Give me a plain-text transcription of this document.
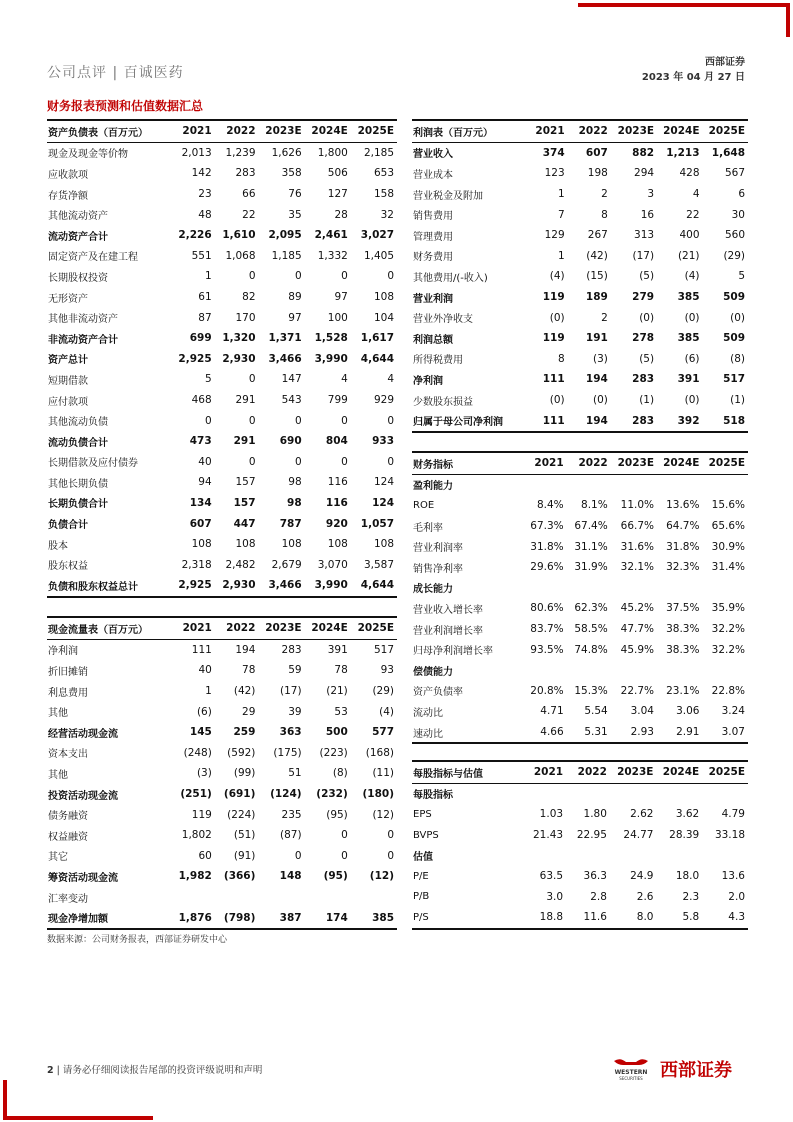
公司点评 | 百诚医药
西部证券
2023 年 04 月 27 日
财务报表预测和估值数据汇总
资产负债表（百万元）	2021	2022	2023E	2024E	2025E
现金及现金等价物	2,013	1,239	1,626	1,800	2,185
应收款项	142	283	358	506	653
存货净额	23	66	76	127	158
其他流动资产	48	22	35	28	32
流动资产合计	2,226	1,610	2,095	2,461	3,027
固定资产及在建工程	551	1,068	1,185	1,332	1,405
长期股权投资	1	0	0	0	0
无形资产	61	82	89	97	108
其他非流动资产	87	170	97	100	104
非流动资产合计	699	1,320	1,371	1,528	1,617
资产总计	2,925	2,930	3,466	3,990	4,644
短期借款	5	0	147	4	4
应付款项	468	291	543	799	929
其他流动负债	0	0	0	0	0
流动负债合计	473	291	690	804	933
长期借款及应付债券	40	0	0	0	0
其他长期负债	94	157	98	116	124
长期负债合计	134	157	98	116	124
负债合计	607	447	787	920	1,057
股本	108	108	108	108	108
股东权益	2,318	2,482	2,679	3,070	3,587
负债和股东权益总计	2,925	2,930	3,466	3,990	4,644
现金流量表（百万元）	2021	2022	2023E	2024E	2025E
净利润	111	194	283	391	517
折旧摊销	40	78	59	78	93
利息费用	1	(42)	(17)	(21)	(29)
其他	(6)	29	39	53	(4)
经营活动现金流	145	259	363	500	577
资本支出	(248)	(592)	(175)	(223)	(168)
其他	(3)	(99)	51	(8)	(11)
投资活动现金流	(251)	(691)	(124)	(232)	(180)
债务融资	119	(224)	235	(95)	(12)
权益融资	1,802	(51)	(87)	0	0
其它	60	(91)	0	0	0
筹资活动现金流	1,982	(366)	148	(95)	(12)
汇率变动					
现金净增加额	1,876	(798)	387	174	385
利润表（百万元）	2021	2022	2023E	2024E	2025E
营业收入	374	607	882	1,213	1,648
营业成本	123	198	294	428	567
营业税金及附加	1	2	3	4	6
销售费用	7	8	16	22	30
管理费用	129	267	313	400	560
财务费用	1	(42)	(17)	(21)	(29)
其他费用/(-收入)	(4)	(15)	(5)	(4)	5
营业利润	119	189	279	385	509
营业外净收支	(0)	2	(0)	(0)	(0)
利润总额	119	191	278	385	509
所得税费用	8	(3)	(5)	(6)	(8)
净利润	111	194	283	391	517
少数股东损益	(0)	(0)	(1)	(0)	(1)
归属于母公司净利润	111	194	283	392	518
财务指标	2021	2022	2023E	2024E	2025E
盈利能力					
ROE	8.4%	8.1%	11.0%	13.6%	15.6%
毛利率	67.3%	67.4%	66.7%	64.7%	65.6%
营业利润率	31.8%	31.1%	31.6%	31.8%	30.9%
销售净利率	29.6%	31.9%	32.1%	32.3%	31.4%
成长能力					
营业收入增长率	80.6%	62.3%	45.2%	37.5%	35.9%
营业利润增长率	83.7%	58.5%	47.7%	38.3%	32.2%
归母净利润增长率	93.5%	74.8%	45.9%	38.3%	32.2%
偿债能力					
资产负债率	20.8%	15.3%	22.7%	23.1%	22.8%
流动比	4.71	5.54	3.04	3.06	3.24
速动比	4.66	5.31	2.93	2.91	3.07
每股指标与估值	2021	2022	2023E	2024E	2025E
每股指标					
EPS	1.03	1.80	2.62	3.62	4.79
BVPS	21.43	22.95	24.77	28.39	33.18
估值					
P/E	63.5	36.3	24.9	18.0	13.6
P/B	3.0	2.8	2.6	2.3	2.0
P/S	18.8	11.6	8.0	5.8	4.3
数据来源：公司财务报表，西部证券研发中心
2 | 请务必仔细阅读报告尾部的投资评级说明和声明	WESTERN
SECURITIES 西部证券
